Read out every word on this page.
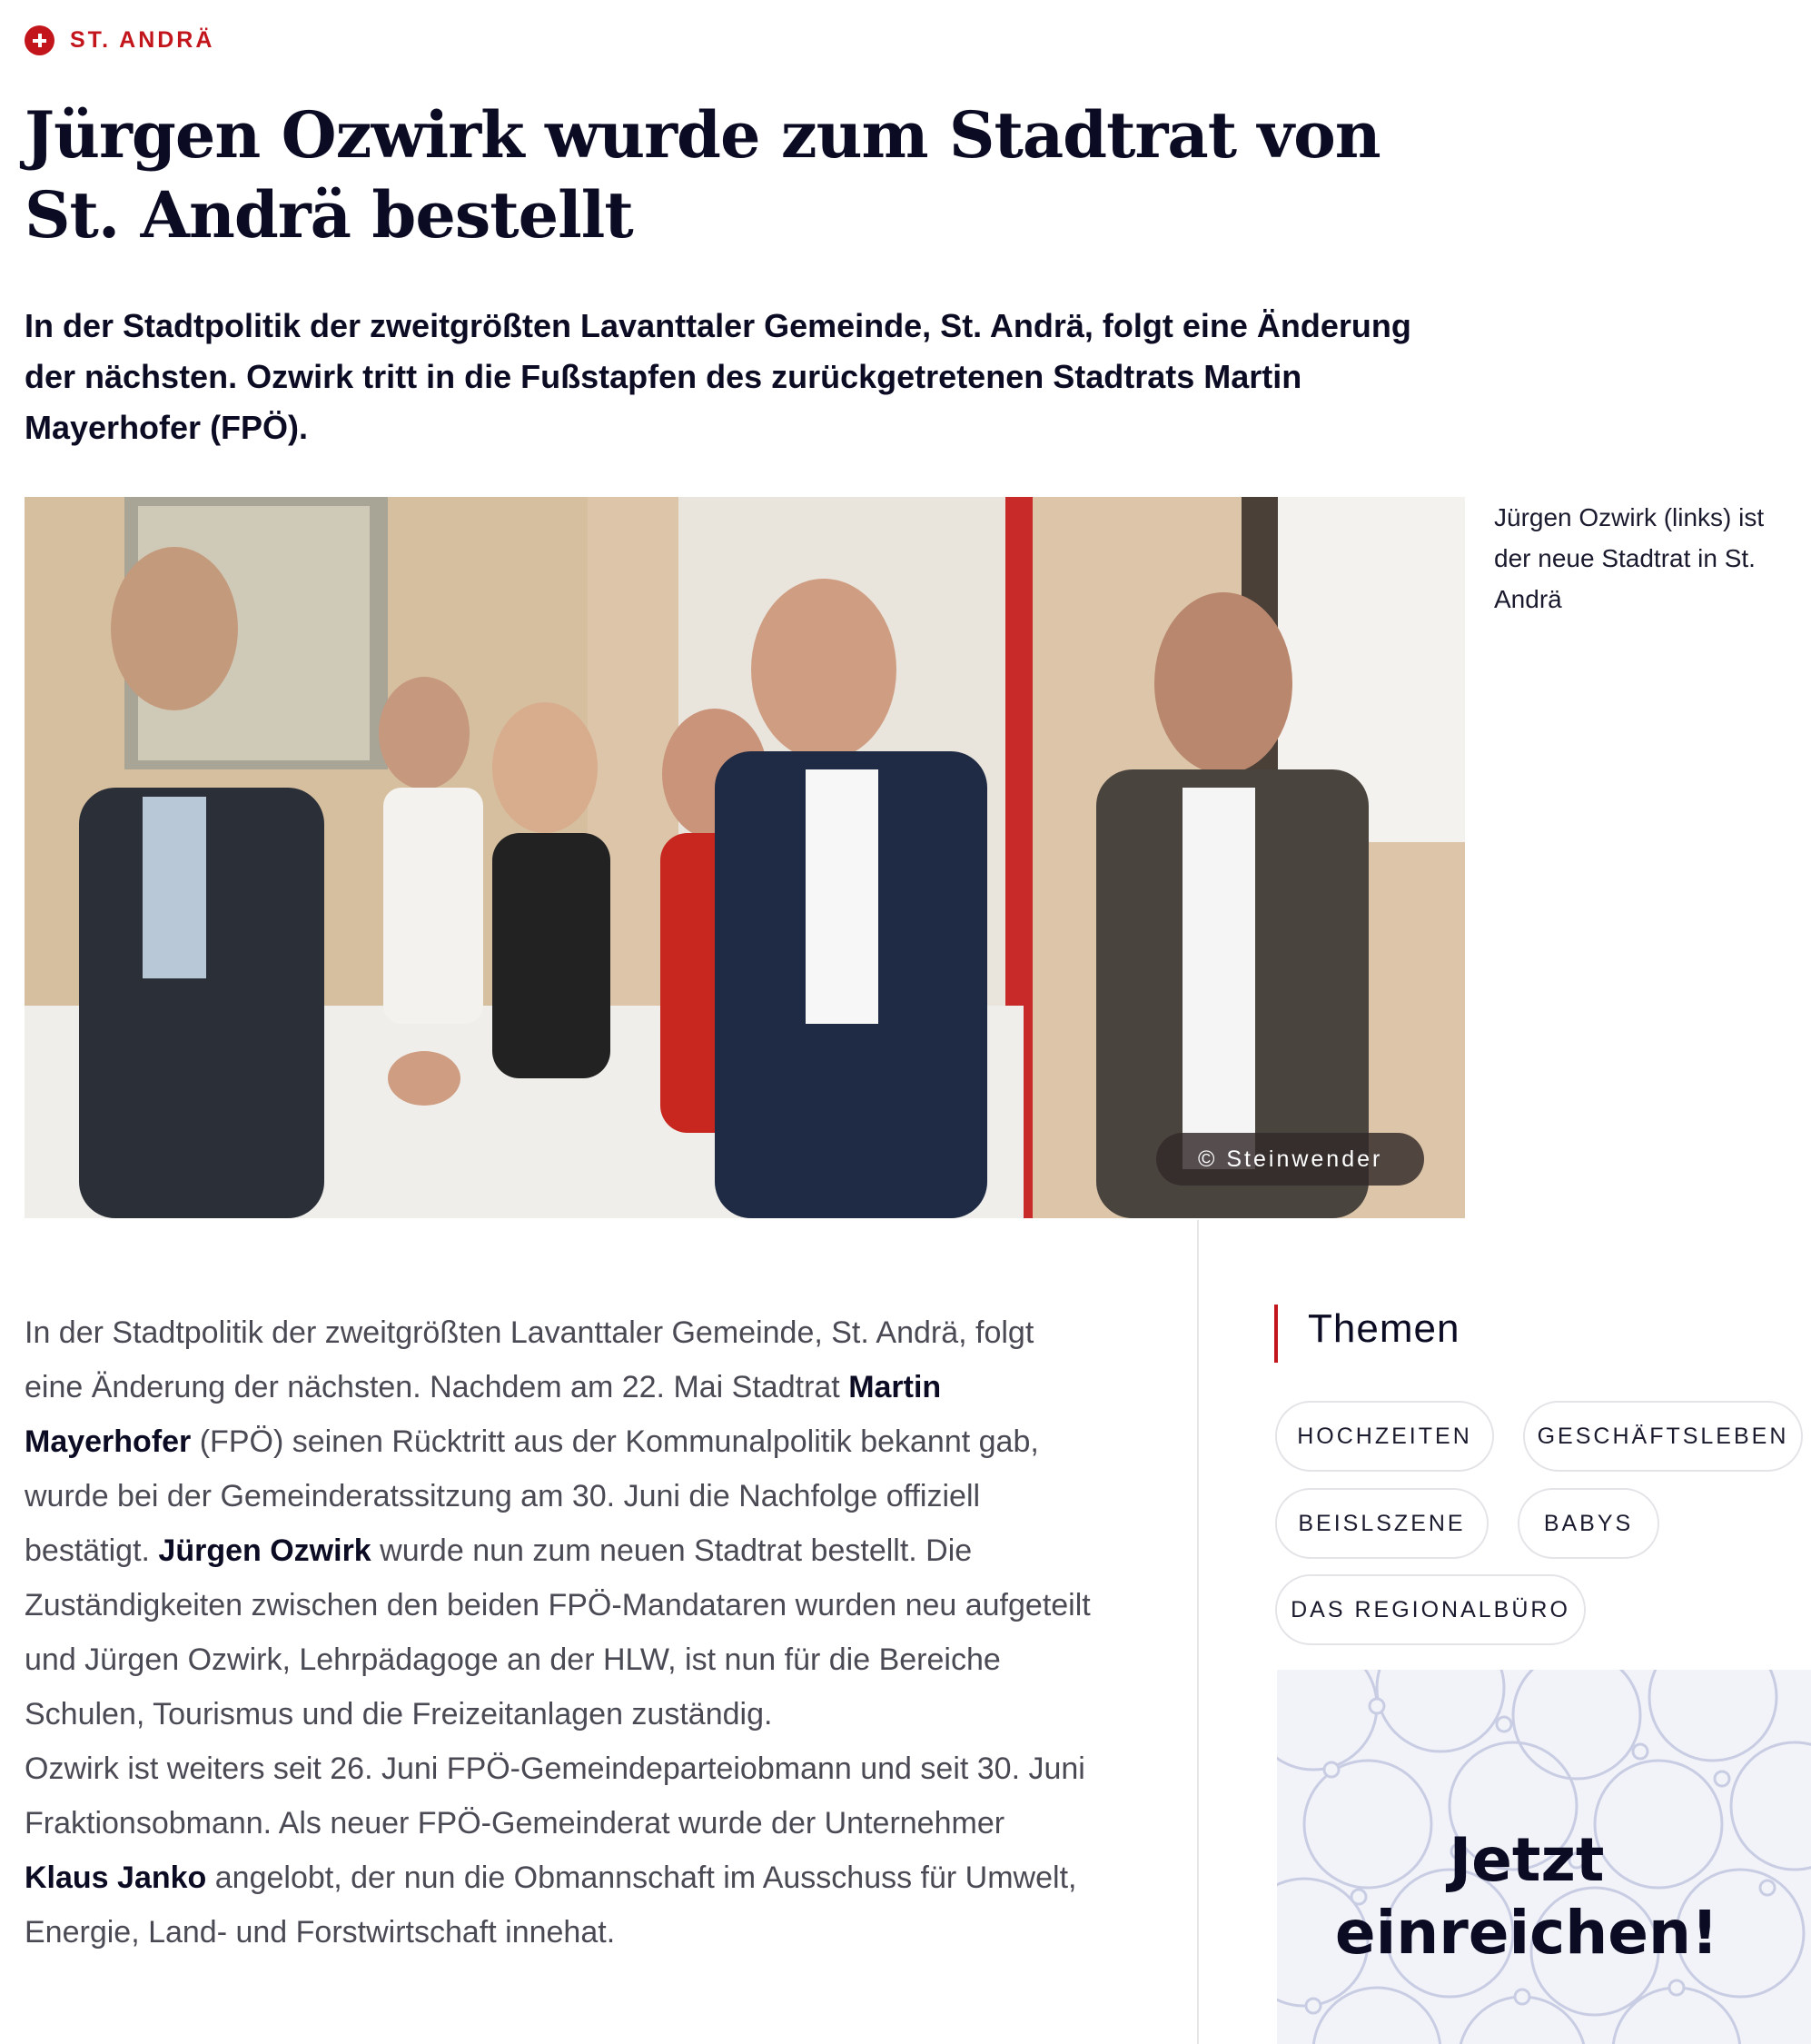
ST. ANDRÄ
Jürgen Ozwirk wurde zum Stadtrat von St. Andrä bestellt

In der Stadtpolitik der zweitgrößten Lavanttaler Gemeinde, St. Andrä, folgt eine Änderung der nächsten. Ozwirk tritt in die Fußstapfen des zurückgetretenen Stadtrats Martin Mayerhofer (FPÖ).

© Steinwender

Jürgen Ozwirk (links) ist der neue Stadtrat in St. Andrä

In der Stadtpolitik der zweitgrößten Lavanttaler Gemeinde, St. Andrä, folgt eine Änderung der nächsten. Nachdem am 22. Mai Stadtrat Martin Mayerhofer (FPÖ) seinen Rücktritt aus der Kommunalpolitik bekannt gab, wurde bei der Gemeinderatssitzung am 30. Juni die Nachfolge offiziell bestätigt. Jürgen Ozwirk wurde nun zum neuen Stadtrat bestellt. Die Zuständigkeiten zwischen den beiden FPÖ-Mandataren wurden neu aufgeteilt und Jürgen Ozwirk, Lehrpädagoge an der HLW, ist nun für die Bereiche Schulen, Tourismus und die Freizeitanlagen zuständig.
Ozwirk ist weiters seit 26. Juni FPÖ-Gemeindeparteiobmann und seit 30. Juni Fraktionsobmann. Als neuer FPÖ-Gemeinderat wurde der Unternehmer Klaus Janko angelobt, der nun die Obmannschaft im Ausschuss für Umwelt, Energie, Land- und Forstwirtschaft innehat.

Themen
HOCHZEITEN	GESCHÄFTSLEBEN
BEISLSZENE	BABYS
DAS REGIONALBÜRO
Jetzt
einreichen!
